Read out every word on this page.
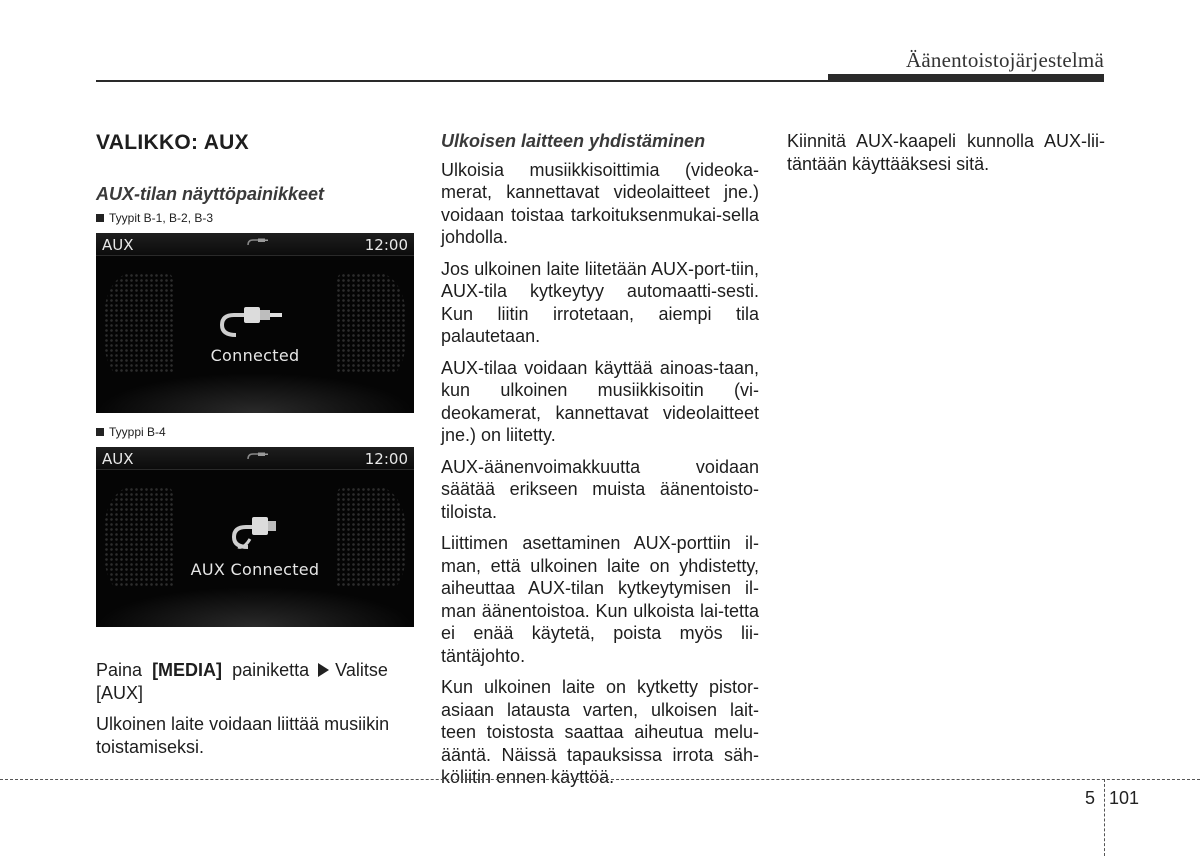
Äänentoistojärjestelmä
VALIKKO: AUX
AUX-tilan näyttöpainikkeet
Tyypit B-1, B-2, B-3
AUX	12:00
Connected
Tyyppi B-4
AUX	12:00
AUX Connected
Paina [MEDIA] painiketta Valitse [AUX]
Ulkoinen laite voidaan liittää musiikin toistamiseksi.
Ulkoisen laitteen yhdistäminen
Ulkoisia musiikkisoittimia (videoka-merat, kannettavat videolaitteet jne.) voidaan toistaa tarkoituksenmukai-sella johdolla.
Jos ulkoinen laite liitetään AUX-port-tiin, AUX-tila kytkeytyy automaatti-sesti. Kun liitin irrotetaan, aiempi tila palautetaan.
AUX-tilaa voidaan käyttää ainoas-taan, kun ulkoinen musiikkisoitin (vi-deokamerat, kannettavat videolaitteet jne.) on liitetty.
AUX-äänenvoimakkuutta voidaan säätää erikseen muista äänentoisto-tiloista.
Liittimen asettaminen AUX-porttiin il-man, että ulkoinen laite on yhdistetty, aiheuttaa AUX-tilan kytkeytymisen il-man äänentoistoa. Kun ulkoista lai-tetta ei enää käytetä, poista myös lii-täntäjohto.
Kun ulkoinen laite on kytketty pistor-asiaan latausta varten, ulkoisen lait-teen toistosta saattaa aiheutua melu-ääntä. Näissä tapauksissa irrota säh-köliitin ennen käyttöä.
Kiinnitä AUX-kaapeli kunnolla AUX-lii-täntään käyttääksesi sitä.
5 101
